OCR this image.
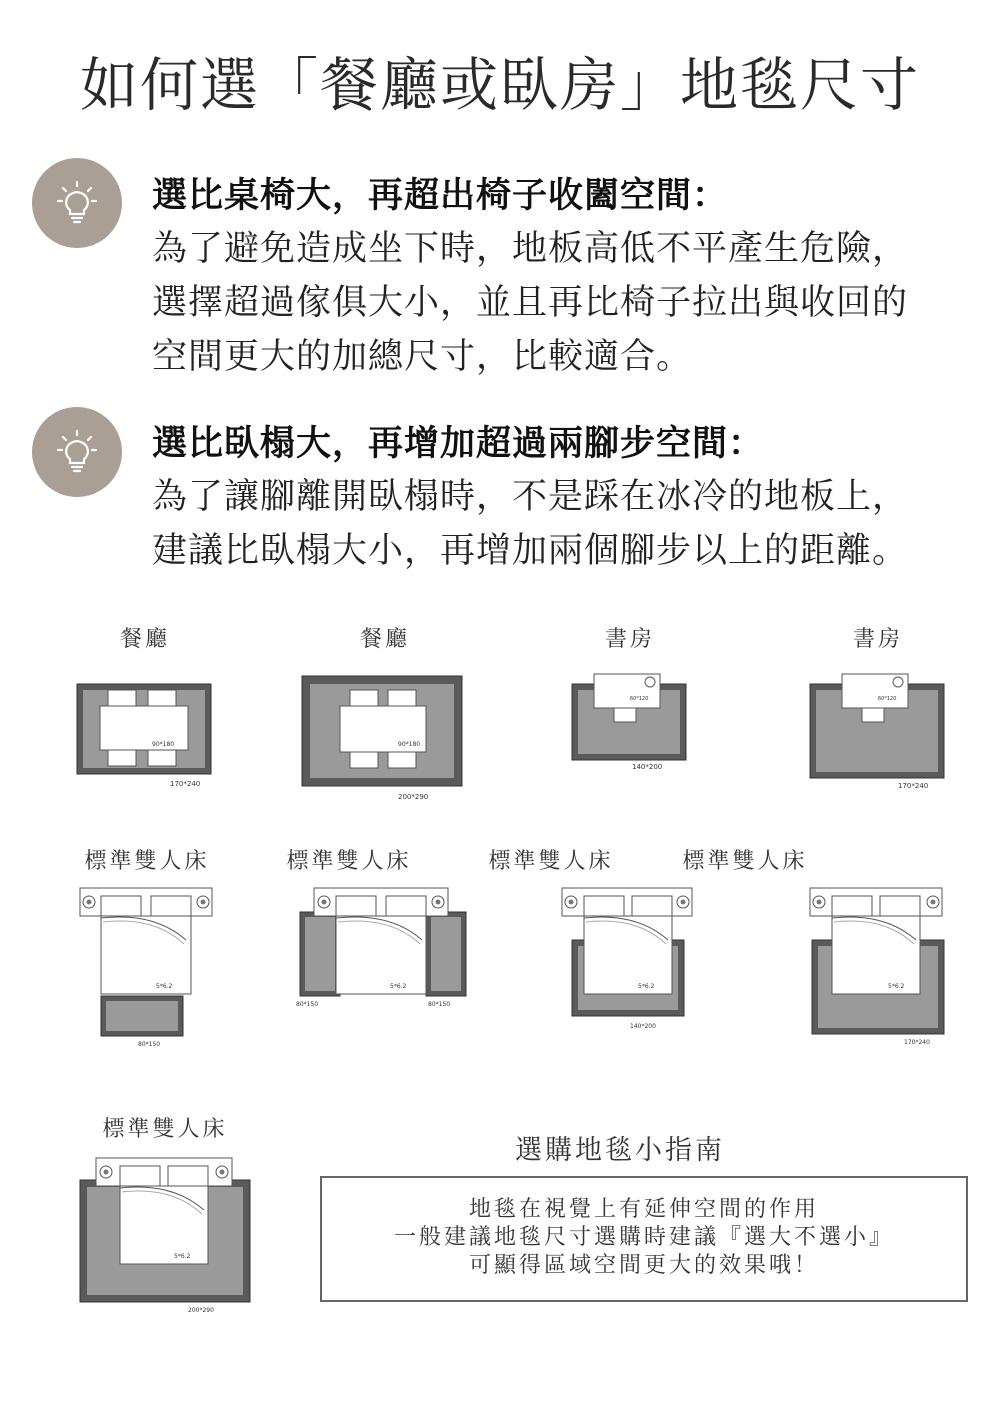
如何選「餐廳或臥房」地毯尺寸
選比桌椅大，再超出椅子收闔空間：
為了避免造成坐下時，地板高低不平產生危險，
選擇超過傢俱大小，並且再比椅子拉出與收回的
空間更大的加總尺寸，比較適合。
選比臥榻大，再增加超過兩腳步空間：
為了讓腳離開臥榻時，不是踩在冰冷的地板上，
建議比臥榻大小，再增加兩個腳步以上的距離。
餐廳	餐廳	書房	書房
90*180
170*240
90*180
200*290
60*120
140*200
60*120
170*240
標準雙人床	標準雙人床	標準雙人床	標準雙人床
5*6.2
80*150
5*6.2
80*150	80*150
5*6.2
140*200
5*6.2
170*240
標準雙人床
5*6.2
200*290
選購地毯小指南
地毯在視覺上有延伸空間的作用
一般建議地毯尺寸選購時建議『選大不選小』
可顯得區域空間更大的效果哦！
